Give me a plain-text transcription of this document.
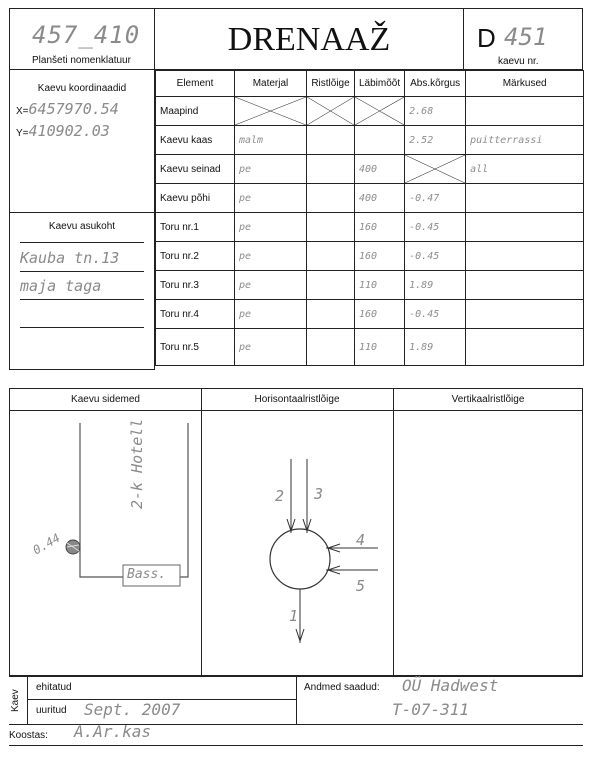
457_410
Planšeti nomenklatuur
DRENAAŽ	D 451
kaevu nr.
Kaevu koordinaadid
X=6457970.54
Y=410902.03
Kaevu asukoht
Kauba tn.13
maja taga
Element	Materjal	Ristlõige	Läbimõõt	Abs.kõrgus	Märkused
Maapind				2.68	
Kaevu kaas	malm			2.52	puitterrassi
Kaevu seinad	pe		400		all
Kaevu põhi	pe		400	-0.47	
Toru nr.1	pe		160	-0.45	
Toru nr.2	pe		160	-0.45	
Toru nr.3	pe		110	1.89	
Toru nr.4	pe		160	-0.45	
Toru nr.5	pe		110	1.89	
Kaevu sidemed	Horisontaalristlõige	Vertikaalristlõige
2-k Hotell
0.44
Bass.
2 3
4
5
1
Kaev
ehitatud
uuritud Sept. 2007
Andmed saadud: OÜ Hadwest
T-07-311
Koostas: A.Ar.kas
